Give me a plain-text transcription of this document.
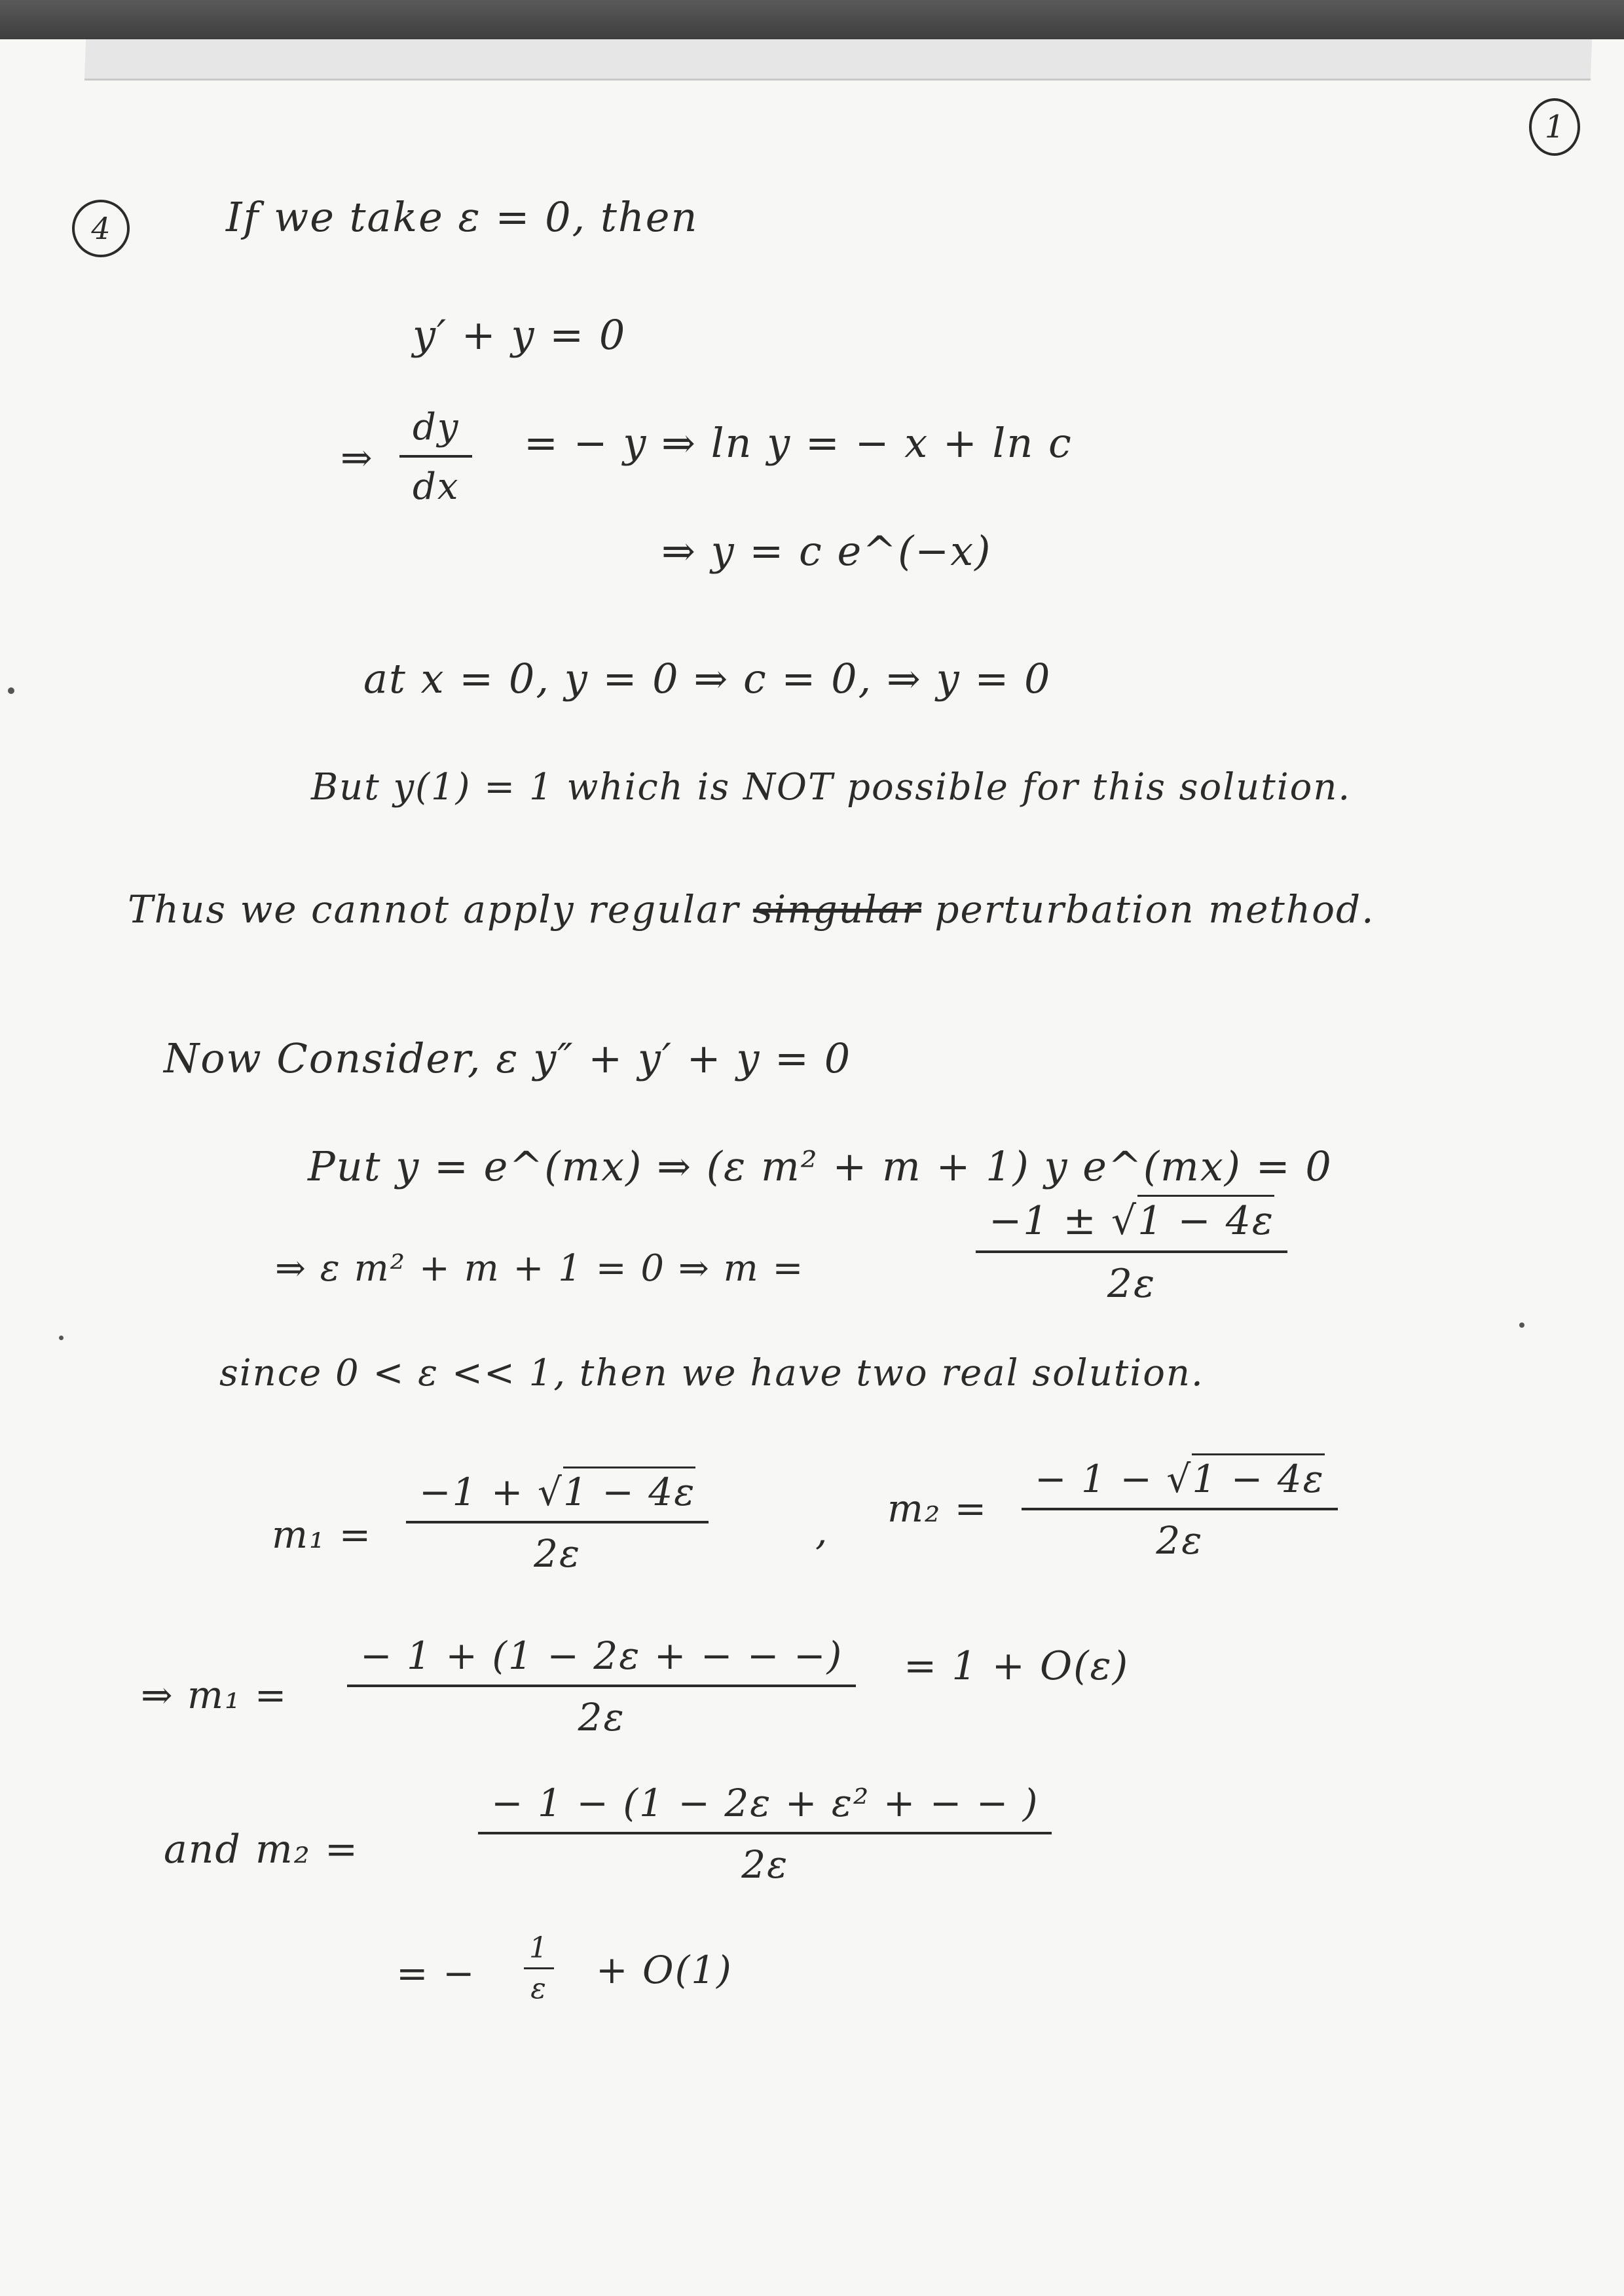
1
4	If we take ε = 0, then
y′ + y = 0
⇒ $\frac{dy}{dx}$ = − y ⇒ ln y = − x + ln c
⇒ y = c e^(−x)
at x = 0, y = 0 ⇒ c = 0, ⇒ y = 0
But y(1) = 1 which is NOT possible for this solution.
Thus we cannot apply regular singular perturbation method.
Now Consider, ε y″ + y′ + y = 0
Put y = e^(mx) ⇒ (ε m² + m + 1) y e^(mx) = 0
⇒ ε m² + m + 1 = 0 ⇒ m =	$\frac{-1 \pm √1 - 4\varepsilon}{2\varepsilon}$
since 0 < ε << 1, then we have two real solution.
$m_1 = \frac{-1 + √1 - 4\varepsilon}{2\varepsilon}$	,
$m_2 = \frac{- 1 - √1 - 4\varepsilon}{2\varepsilon}$
⇒ $m_1 = \frac{- 1 + (1 - 2\varepsilon + - - -)}{2\varepsilon} = 1 + O(\varepsilon)$
and m₂ =	$\frac{\text{− 1 − (1 − 2ε + ε² + − − )}}{2\varepsilon}$
= − $\frac{1}{\varepsilon} + O(1)$
